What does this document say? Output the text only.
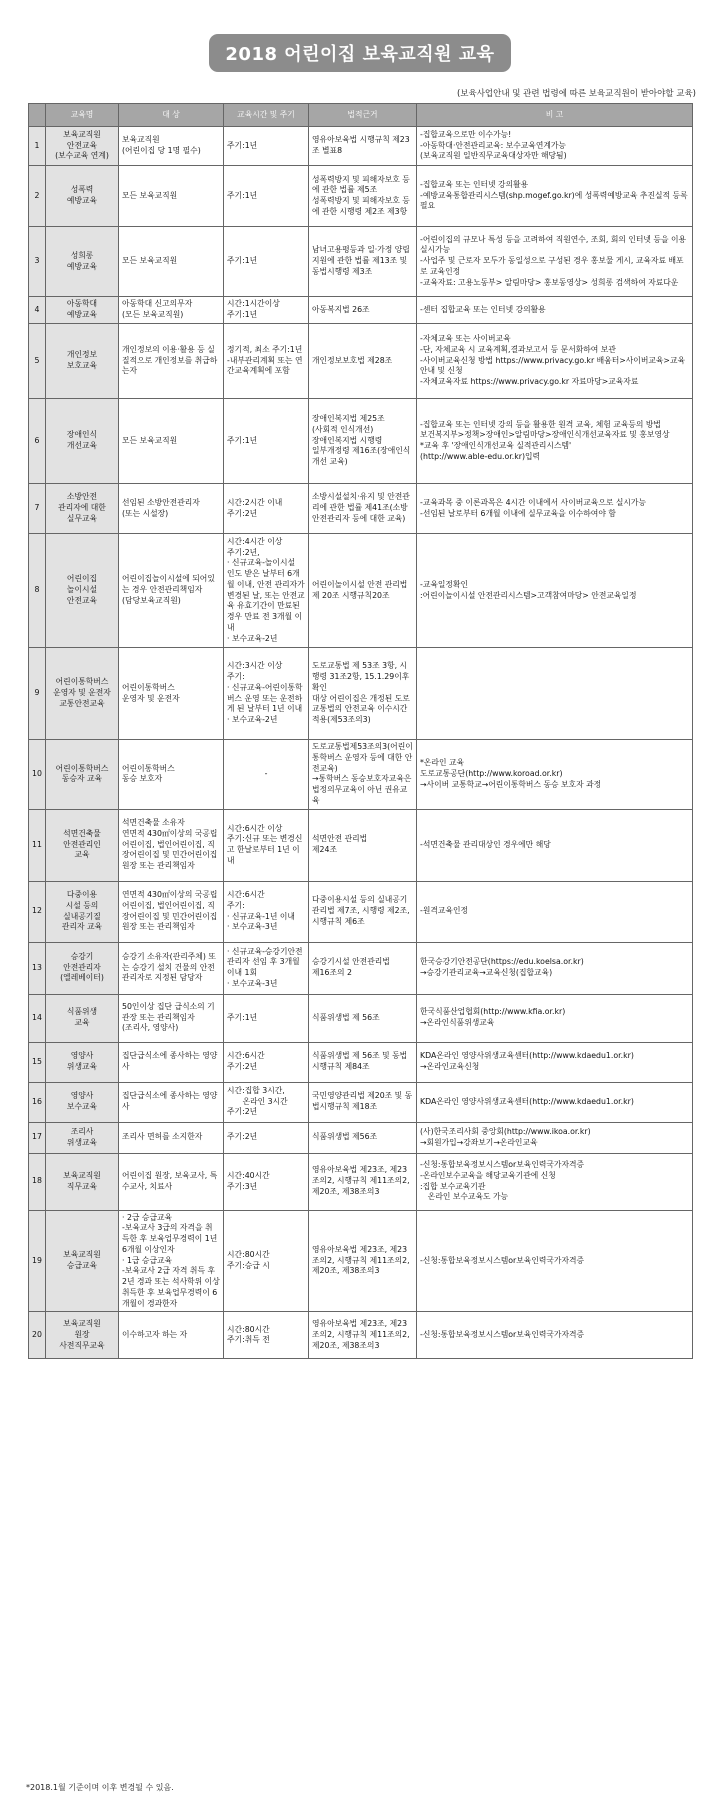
2018 어린이집 보육교직원 교육
(보육사업안내 및 관련 법령에 따른 보육교직원이 받아야할 교육)
	교육명	대 상	교육시간 및 주기	법적근거	비 고
1	보육교직원
안전교육
(보수교육 연계)	보육교직원
(어린이집 당 1명 필수)	주기:1년	영유아보육법 시행규칙 제23조 별표8	-집합교육으로만 이수가능!
-아동학대·안전관리교육: 보수교육연계가능
(보육교직원 일반직무교육대상자만 해당됨)
2	성폭력
예방교육	모든 보육교직원	주기:1년	성폭력방지 및 피해자보호 등에 관한 법률 제5조
성폭력방지 및 피해자보호 등에 관한 시행령 제2조 제3항	-집합교육 또는 인터넷 강의활용
-예방교육통합관리시스템(shp.mogef.go.kr)에 성폭력예방교육 추진실적 등록 필요
3	성희롱
예방교육	모든 보육교직원	주기:1년	남녀고용평등과 일·가정 양립지원에 관한 법률 제13조 및 동법시행령 제3조	-어린이집의 규모나 특성 등을 고려하여 직원연수, 조회, 회의 인터넷 등을 이용실시가능
-사업주 및 근로자 모두가 동일성으로 구성된 경우 홍보물 게시, 교육자료 배포로 교육인정
-교육자료: 고용노동부> 알림마당> 홍보동영상> 성희롱 검색하여 자료다운
4	아동학대
예방교육	아동학대 신고의무자
(모든 보육교직원)	시간:1시간이상
주기:1년	아동복지법 26조	-센터 집합교육 또는 인터넷 강의활용
5	개인정보
보호교육	개인정보의 이용·활용 등 실질적으로 개인정보를 취급하는자	정기적, 최소 주기:1년
-내부관리계획 또는 연간교육계획에 포함	개인정보보호법 제28조	-자체교육 또는 사이버교육
-단, 자체교육 시 교육계획,결과보고서 등 문서화하여 보관
-사이버교육신청 방법 https://www.privacy.go.kr 배움터>사이버교육>교육안내 및 신청
-자체교육자료 https://www.privacy.go.kr 자료마당>교육자료
6	장애인식
개선교육	모든 보육교직원	주기:1년	장애인복지법 제25조
(사회적 인식개선)
장애인복지법 시행령
일부개정령 제16조(장애인식개선 교육)	-집합교육 또는 인터넷 강의 등을 활용한 원격 교육, 체험 교육등의 방법
보건복지부>정책>장애인>알림마당>장애인식개선교육자료 및 홍보영상
*교육 후 '장애인식개선교육 실적관리시스템'
(http://www.able-edu.or.kr)입력
7	소방안전
관리자에 대한
실무교육	선임된 소방안전관리자
(또는 시설장)	시간:2시간 이내
주기:2년	소방시설설치·유지 및 안전관리에 관한 법률 제41조(소방안전관리자 등에 대한 교육)	-교육과목 중 이론과목은 4시간 이내에서 사이버교육으로 실시가능
-선임된 날로부터 6개월 이내에 실무교육을 이수하여야 함
8	어린이집
놀이시설
안전교육	어린이집놀이시설에 되어있는 경우 안전관리책임자
(담당보육교직원)	시간:4시간 이상
주기:2년,
· 신규교육-놀이시설 인도 받은 날부터 6개월 이내, 안전 관리자가 변경된 날, 또는 안전교육 유효기간이 만료된 경우 만료 전 3개월 이내
· 보수교육-2년	어린이놀이시설 안전 관리법 제 20조 시행규칙20조	-교육일정확인
:어린이놀이시설 안전관리시스템>고객참여마당> 안전교육일정
9	어린이통학버스
운영자 및 운전자
교통안전교육	어린이통학버스
운영자 및 운전자	시간:3시간 이상
주기:
· 신규교육-어린이통학버스 운영 또는 운전하게 된 날부터 1년 이내
· 보수교육-2년	도로교통법 제 53조 3항, 시행령 31조2항, 15.1.29이후확인
대상 어린이집은 개정된 도로교통법의 안전교육 이수시간적용(제53조의3)	
10	어린이통학버스
동승자 교육	어린이통학버스
동승 보호자	-	도로교통법제53조의3(어린이통학버스 운영자 등에 대한 안전교육)
→통학버스 동승보호자교육은 법정의무교육이 아닌 권유교육	*온라인 교육
도로교통공단(http://www.koroad.or.kr)
→사이버 교통학교→어린이통학버스 동승 보호자 과정
11	석면건축물
안전관리인
교육	석면건축물 소유자
연면적 430㎡이상의 국공립어린이집, 법인어린이집, 직장어린이집 및 민간어린이집 원장 또는 관리책임자	시간:6시간 이상
주기:신규 또는 변경신고 한날로부터 1년 이내	석면안전 관리법
제24조	-석면건축물 관리대상인 경우에만 해당
12	다중이용
시설 등의
실내공기질
관리자 교육	연면적 430㎡이상의 국공립어린이집, 법인어린이집, 직장어린이집 및 민간어린이집 원장 또는 관리책임자	시간:6시간
주기:
· 신규교육-1년 이내
· 보수교육-3년	다중이용시설 등의 실내공기관리법 제7조, 시행령 제2조, 시행규칙 제6조	-원격교육인정
13	승강기
안전관리자
(엘레베이터)	승강기 소유자(관리주체) 또는 승강기 설치 건물의 안전관리자로 지정된 담당자	· 신규교육-승강기안전관리자 선임 후 3개월 이내 1회
· 보수교육-3년	승강기시설 안전관리법
제16조의 2	한국승강기안전공단(https://edu.koelsa.or.kr)
→승강기관리교육→교육신청(집합교육)
14	식품위생
교육	50인이상 집단 급식소의 기관장 또는 관리책임자
(조리사, 영양사)	주기:1년	식품위생법 제 56조	한국식품산업협회(http://www.kfia.or.kr)
→온라인식품위생교육
15	영양사
위생교육	집단급식소에 종사하는 영양사	시간:6시간
주기:2년	식품위생법 제 56조 및 동법 시행규칙 제84조	KDA온라인 영양사위생교육센터(http://www.kdaedu1.or.kr)
→온라인교육신청
16	영양사
보수교육	집단급식소에 종사하는 영양사	시간:집합 3시간,
　　온라인 3시간
주기:2년	국민영양관리법 제20조 및 동법시행규칙 제18조	KDA온라인 영양사위생교육센터(http://www.kdaedu1.or.kr)
17	조리사
위생교육	조리사 면허를 소지한자	주기:2년	식품위생법 제56조	(사)한국조리사회 중앙회(http://www.ikoa.or.kr)
→회원가입→강좌보기→온라인교육
18	보육교직원
직무교육	어린이집 원장, 보육교사, 특수교사, 치료사	시간:40시간
주기:3년	영유아보육법 제23조, 제23조의2, 시행규칙 제11조의2, 제20조, 제38조의3	-신청:통합보육정보시스템or보육인력국가자격증
-온라인보수교육을 해당교육기관에 신청
:집합 보수교육기관
　온라인 보수교육도 가능
19	보육교직원
승급교육	· 2급 승급교육
-보육교사 3급의 자격을 취득한 후 보육업무경력이 1년6개월 이상인자
· 1급 승급교육
-보육교사 2급 자격 취득 후 2년 경과 또는 석사학위 이상 취득한 후 보육업무경력이 6개월이 경과한자	시간:80시간
주기:승급 시	영유아보육법 제23조, 제23조의2, 시행규칙 제11조의2, 제20조, 제38조의3	-신청:통합보육정보시스템or보육인력국가자격증
20	보육교직원
원장
사전직무교육	이수하고자 하는 자	시간:80시간
주기:취득 전	영유아보육법 제23조, 제23조의2, 시행규칙 제11조의2, 제20조, 제38조의3	-신청:통합보육정보시스템or보육인력국가자격증
*2018.1월 기준이며 이후 변경될 수 있음.
